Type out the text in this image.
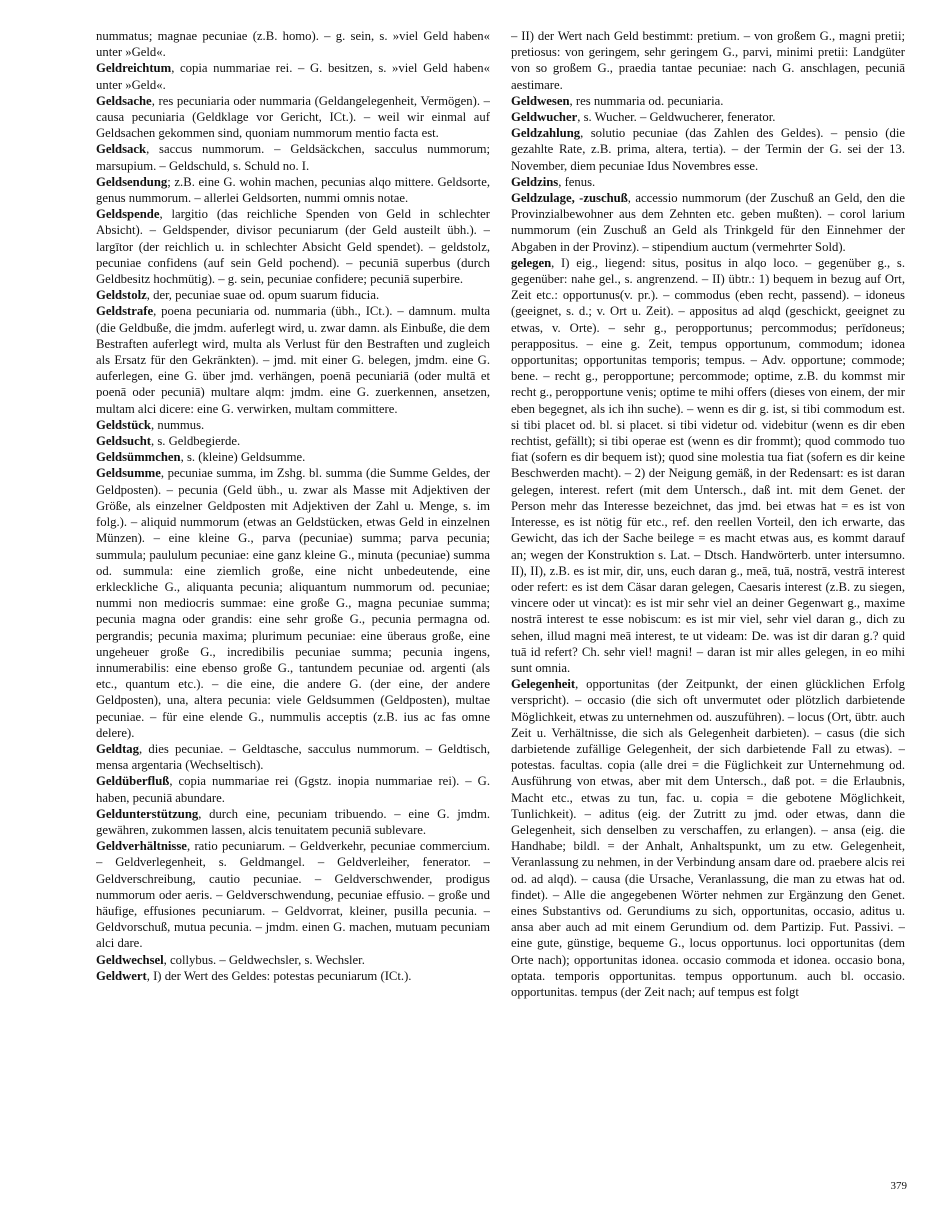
nummatus; magnae pecuniae (z.B. homo). – g. sein, s. »viel Geld haben« unter »Geld«.

Geldreichtum, copia nummariae rei. – G. besitzen, s. »viel Geld haben« unter »Geld«.

Geldsache, res pecuniaria oder nummaria (Geldangelegenheit, Vermögen). – causa pecuniaria (Geldklage vor Gericht, ICt.). – weil wir einmal auf Geldsachen gekommen sind, quoniam nummorum mentio facta est.

Geldsack, saccus nummorum. – Geldsäckchen, sacculus nummorum; marsupium. – Geldschuld, s. Schuld no. I.

Geldsendung; z.B. eine G. wohin machen, pecunias alqo mittere. Geldsorte, genus nummorum. – allerlei Geldsorten, nummi omnis notae.

Geldspende, largitio (das reichliche Spenden von Geld in schlechter Absicht). – Geldspender, divisor pecuniarum (der Geld austeilt übh.). – largītor (der reichlich u. in schlechter Absicht Geld spendet). – geldstolz, pecuniae confidens (auf sein Geld pochend). – pecuniā superbus (durch Geldbesitz hochmütig). – g. sein, pecuniae confidere; pecuniā superbire.

Geldstolz, der, pecuniae suae od. opum suarum fiducia.

Geldstrafe, poena pecuniaria od. nummaria (übh., ICt.). – damnum. multa (die Geldbuße, die jmdm. auferlegt wird, u. zwar damn. als Einbuße, die dem Bestraften auferlegt wird, multa als Verlust für den Bestraften und zugleich als Ersatz für den Gekränkten). – jmd. mit einer G. belegen, jmdm. eine G. auferlegen, eine G. über jmd. verhängen, poenā pecuniariā (oder multā et poenā oder pecuniā) multare alqm: jmdm. eine G. zuerkennen, ansetzen, multam alci dicere: eine G. verwirken, multam committere.

Geldstück, nummus.

Geldsucht, s. Geldbegierde.

Geldsümmchen, s. (kleine) Geldsumme.

Geldsumme, pecuniae summa, im Zshg. bl. summa (die Summe Geldes, der Geldposten). – pecunia (Geld übh., u. zwar als Masse mit Adjektiven der Größe, als einzelner Geldposten mit Adjektiven der Zahl u. Menge, s. im folg.). – aliquid nummorum (etwas an Geldstücken, etwas Geld in einzelnen Münzen). – eine kleine G., parva (pecuniae) summa; parva pecunia; summula; paululum pecuniae: eine ganz kleine G., minuta (pecuniae) summa od. summula: eine ziemlich große, eine nicht unbedeutende, eine erkleckliche G., aliquanta pecunia; aliquantum nummorum od. pecuniae; nummi non mediocris summae: eine große G., magna pecuniae summa; pecunia magna oder grandis: eine sehr große G., pecunia permagna od. pergrandis; pecunia maxima; plurimum pecuniae: eine überaus große, eine ungeheuer große G., incredibilis pecuniae summa; pecunia ingens, innumerabilis: eine ebenso große G., tantundem pecuniae od. argenti (als etc., quantum etc.). – die eine, die andere G. (der eine, der andere Geldposten), una, altera pecunia: viele Geldsummen (Geldposten), multae pecuniae. – für eine elende G., nummulis acceptis (z.B. ius ac fas omne delere).

Geldtag, dies pecuniae. – Geldtasche, sacculus nummorum. – Geldtisch, mensa argentaria (Wechseltisch).

Geldüberfluß, copia nummariae rei (Ggstz. inopia nummariae rei). – G. haben, pecuniā abundare.

Geldunterstützung, durch eine, pecuniam tribuendo. – eine G. jmdm. gewähren, zukommen lassen, alcis tenuitatem pecuniā sublevare.

Geldverhältnisse, ratio pecuniarum. – Geldverkehr, pecuniae commercium. – Geldverlegenheit, s. Geldmangel. – Geldverleiher, fenerator. – Geldverschreibung, cautio pecuniae. – Geldverschwender, prodigus nummorum oder aeris. – Geldverschwendung, pecuniae effusio. – große und häufige, effusiones pecuniarum. – Geldvorrat, kleiner, pusilla pecunia. – Geldvorschuß, mutua pecunia. – jmdm. einen G. machen, mutuam pecuniam alci dare.

Geldwechsel, collybus. – Geldwechsler, s. Wechsler.

Geldwert, I) der Wert des Geldes: potestas pecuniarum (ICt.).

– II) der Wert nach Geld bestimmt: pretium. – von großem G., magni pretii; pretiosus: von geringem, sehr geringem G., parvi, minimi pretii: Landgüter von so großem G., praedia tantae pecuniae: nach G. anschlagen, pecuniā aestimare.

Geldwesen, res nummaria od. pecuniaria.

Geldwucher, s. Wucher. – Geldwucherer, fenerator.

Geldzahlung, solutio pecuniae (das Zahlen des Geldes). – pensio (die gezahlte Rate, z.B. prima, altera, tertia). – der Termin der G. sei der 13. November, diem pecuniae Idus Novembres esse.

Geldzins, fenus.

Geldzulage, -zuschuß, accessio nummorum (der Zuschuß an Geld, den die Provinzialbewohner aus dem Zehnten etc. geben mußten). – corol larium nummorum (ein Zuschuß an Geld als Trinkgeld für den Einnehmer der Abgaben in der Provinz). – stipendium auctum (vermehrter Sold).

gelegen, I) eig., liegend: situs, positus in alqo loco. – gegenüber g., s. gegenüber: nahe gel., s. angrenzend. – II) übtr.: 1) bequem in bezug auf Ort, Zeit etc.: opportunus(v. pr.). – commodus (eben recht, passend). – idoneus (geeignet, s. d.; v. Ort u. Zeit). – appositus ad alqd (geschickt, geeignet zu etwas, v. Orte). – sehr g., peropportunus; percommodus; perīdoneus; perappositus. – eine g. Zeit, tempus opportunum, commodum; idonea opportunitas; opportunitas temporis; tempus. – Adv. opportune; commode; bene. – recht g., peropportune; percommode; optime, z.B. du kommst mir recht g., peropportune venis; optime te mihi offers (dieses von einem, der mir eben begegnet, als ich ihn suche). – wenn es dir g. ist, si tibi commodum est. si tibi placet od. bl. si placet. si tibi videtur od. videbitur (wenn es dir eben rechtist, gefällt); si tibi operae est (wenn es dir frommt); quod commodo tuo fiat (sofern es dir bequem ist); quod sine molestia tua fiat (sofern es dir keine Beschwerden macht). – 2) der Neigung gemäß, in der Redensart: es ist daran gelegen, interest. refert (mit dem Untersch., daß int. mit dem Genet. der Person mehr das Interesse bezeichnet, das jmd. bei etwas hat = es ist von Interesse, es ist nötig für etc., ref. den reellen Vorteil, den ich erwarte, das Gewicht, das ich der Sache beilege = es macht etwas aus, es kommt darauf an; wegen der Konstruktion s. Lat. – Dtsch. Handwörterb. unter intersumno. II), II), z.B. es ist mir, dir, uns, euch daran g., meā, tuā, nostrā, vestrā interest oder refert: es ist dem Cäsar daran gelegen, Caesaris interest (z.B. zu siegen, vincere oder ut vincat): es ist mir sehr viel an deiner Gegenwart g., maxime nostrā interest te esse nobiscum: es ist mir viel, sehr viel daran g., dich zu sehen, illud magni meā interest, te ut videam: De. was ist dir daran g.? quid tuā id refert? Ch. sehr viel! magni! – daran ist mir alles gelegen, in eo mihi sunt omnia.

Gelegenheit, opportunitas (der Zeitpunkt, der einen glücklichen Erfolg verspricht). – occasio (die sich oft unvermutet oder plötzlich darbietende Möglichkeit, etwas zu unternehmen od. auszuführen). – locus (Ort, übtr. auch Zeit u. Verhältnisse, die sich als Gelegenheit darbieten). – casus (die sich darbietende zufällige Gelegenheit, der sich darbietende Fall zu etwas). – potestas. facultas. copia (alle drei = die Füglichkeit zur Unternehmung od. Ausführung von etwas, aber mit dem Untersch., daß pot. = die Erlaubnis, Macht etc., etwas zu tun, fac. u. copia = die gebotene Möglichkeit, Tunlichkeit). – aditus (eig. der Zutritt zu jmd. oder etwas, dann die Gelegenheit, sich denselben zu verschaffen, zu erlangen). – ansa (eig. die Handhabe; bildl. = der Anhalt, Anhaltspunkt, um zu etw. Gelegenheit, Veranlassung zu nehmen, in der Verbindung ansam dare od. praebere alcis rei od. ad alqd). – causa (die Ursache, Veranlassung, die man zu etwas hat od. findet). – Alle die angegebenen Wörter nehmen zur Ergänzung den Genet. eines Substantivs od. Gerundiums zu sich, opportunitas, occasio, aditus u. ansa aber auch ad mit einem Gerundium od. dem Partizip. Fut. Passivi. – eine gute, günstige, bequeme G., locus opportunus. loci opportunitas (dem Orte nach); opportunitas idonea. occasio commoda et idonea. occasio bona, optata. temporis opportunitas. tempus opportunum. auch bl. occasio. opportunitas. tempus (der Zeit nach; auf tempus est folgt

379
